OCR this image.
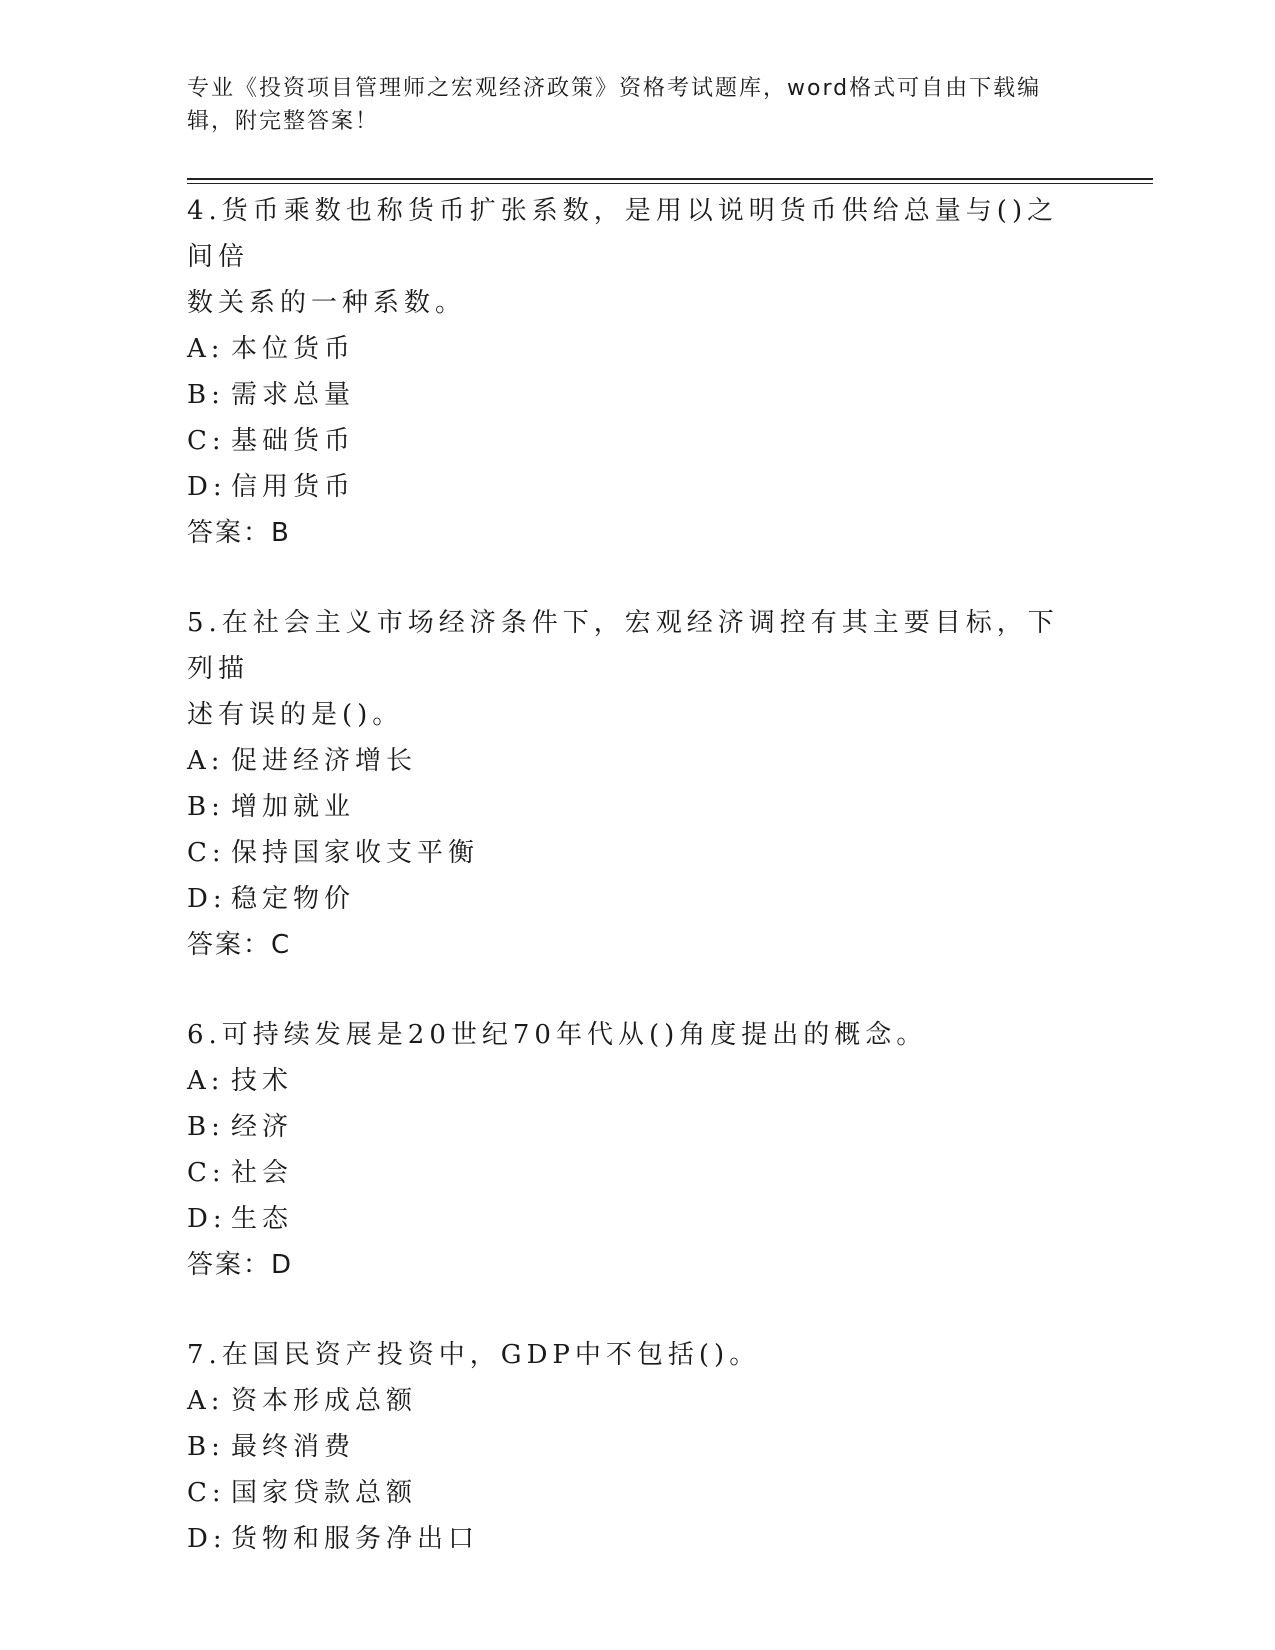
专业《投资项目管理师之宏观经济政策》资格考试题库，word格式可自由下载编
辑，附完整答案！
4.货币乘数也称货币扩张系数，是用以说明货币供给总量与()之间倍
数关系的一种系数。
A: 本位货币
B: 需求总量
C: 基础货币
D: 信用货币
答案：B
5.在社会主义市场经济条件下，宏观经济调控有其主要目标，下列描
述有误的是()。
A: 促进经济增长
B: 增加就业
C: 保持国家收支平衡
D: 稳定物价
答案：C
6.可持续发展是20世纪70年代从()角度提出的概念。
A: 技术
B: 经济
C: 社会
D: 生态
答案：D
7.在国民资产投资中，GDP中不包括()。
A: 资本形成总额
B: 最终消费
C: 国家贷款总额
D: 货物和服务净出口
